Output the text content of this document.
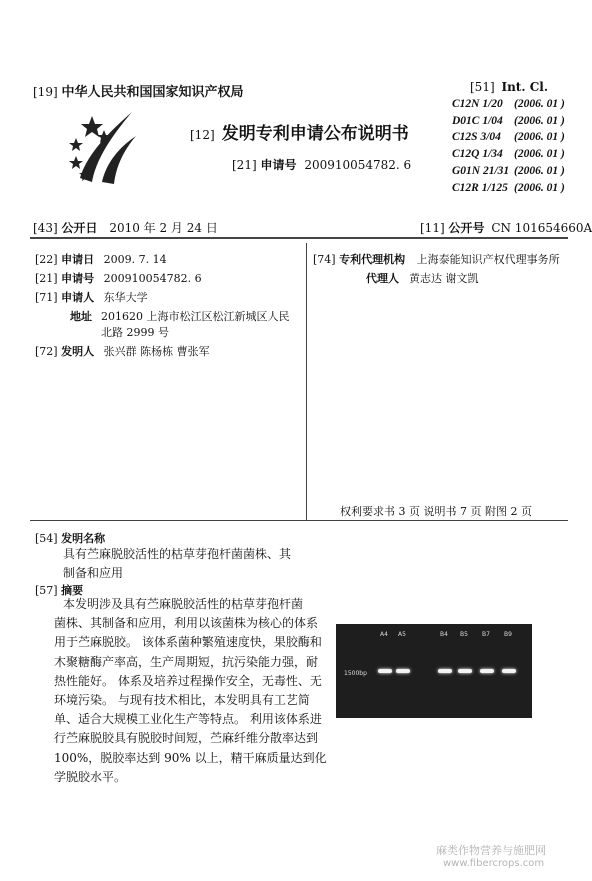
[19] 中华人民共和国国家知识产权局
[12] 发明专利申请公布说明书
[21] 申请号 200910054782. 6
[51] Int. Cl.
C12N 1/20 (2006. 01 )
D01C 1/04 (2006. 01 )
C12S 3/04 (2006. 01 )
C12Q 1/34 (2006. 01 )
G01N 21/31 (2006. 01 )
C12R 1/125 (2006. 01 )
[43] 公开日 2010 年 2 月 24 日	[11] 公开号 CN 101654660A
[22] 申请日 2009. 7. 14
[21] 申请号 200910054782. 6
[71] 申请人 东华大学
地址 201620 上海市松江区松江新城区人民
北路 2999 号
[72] 发明人 张兴群 陈杨栋 曹张军
[74] 专利代理机构 上海泰能知识产权代理事务所
代理人 黄志达 谢文凯
权利要求书 3 页 说明书 7 页 附图 2 页
[54] 发明名称
具有苎麻脱胶活性的枯草芽孢杆菌菌株、其
制备和应用
[57] 摘要
本发明涉及具有苎麻脱胶活性的枯草芽孢杆菌
菌株、其制备和应用，利用以该菌株为核心的体系
用于苎麻脱胶。 该体系菌种繁殖速度快，果胶酶和
木聚糖酶产率高，生产周期短，抗污染能力强，耐
热性能好。 体系及培养过程操作安全，无毒性、无
环境污染。 与现有技术相比，本发明具有工艺简
单、适合大规模工业化生产等特点。 利用该体系进
行苎麻脱胶具有脱胶时间短，苎麻纤维分散率达到
100%，脱胶率达到 90% 以上，精干麻质量达到化
学脱胶水平。
A4 A5	B4 B5 B7 B9
1500bp
麻类作物营养与施肥网
www.fibercrops.com
